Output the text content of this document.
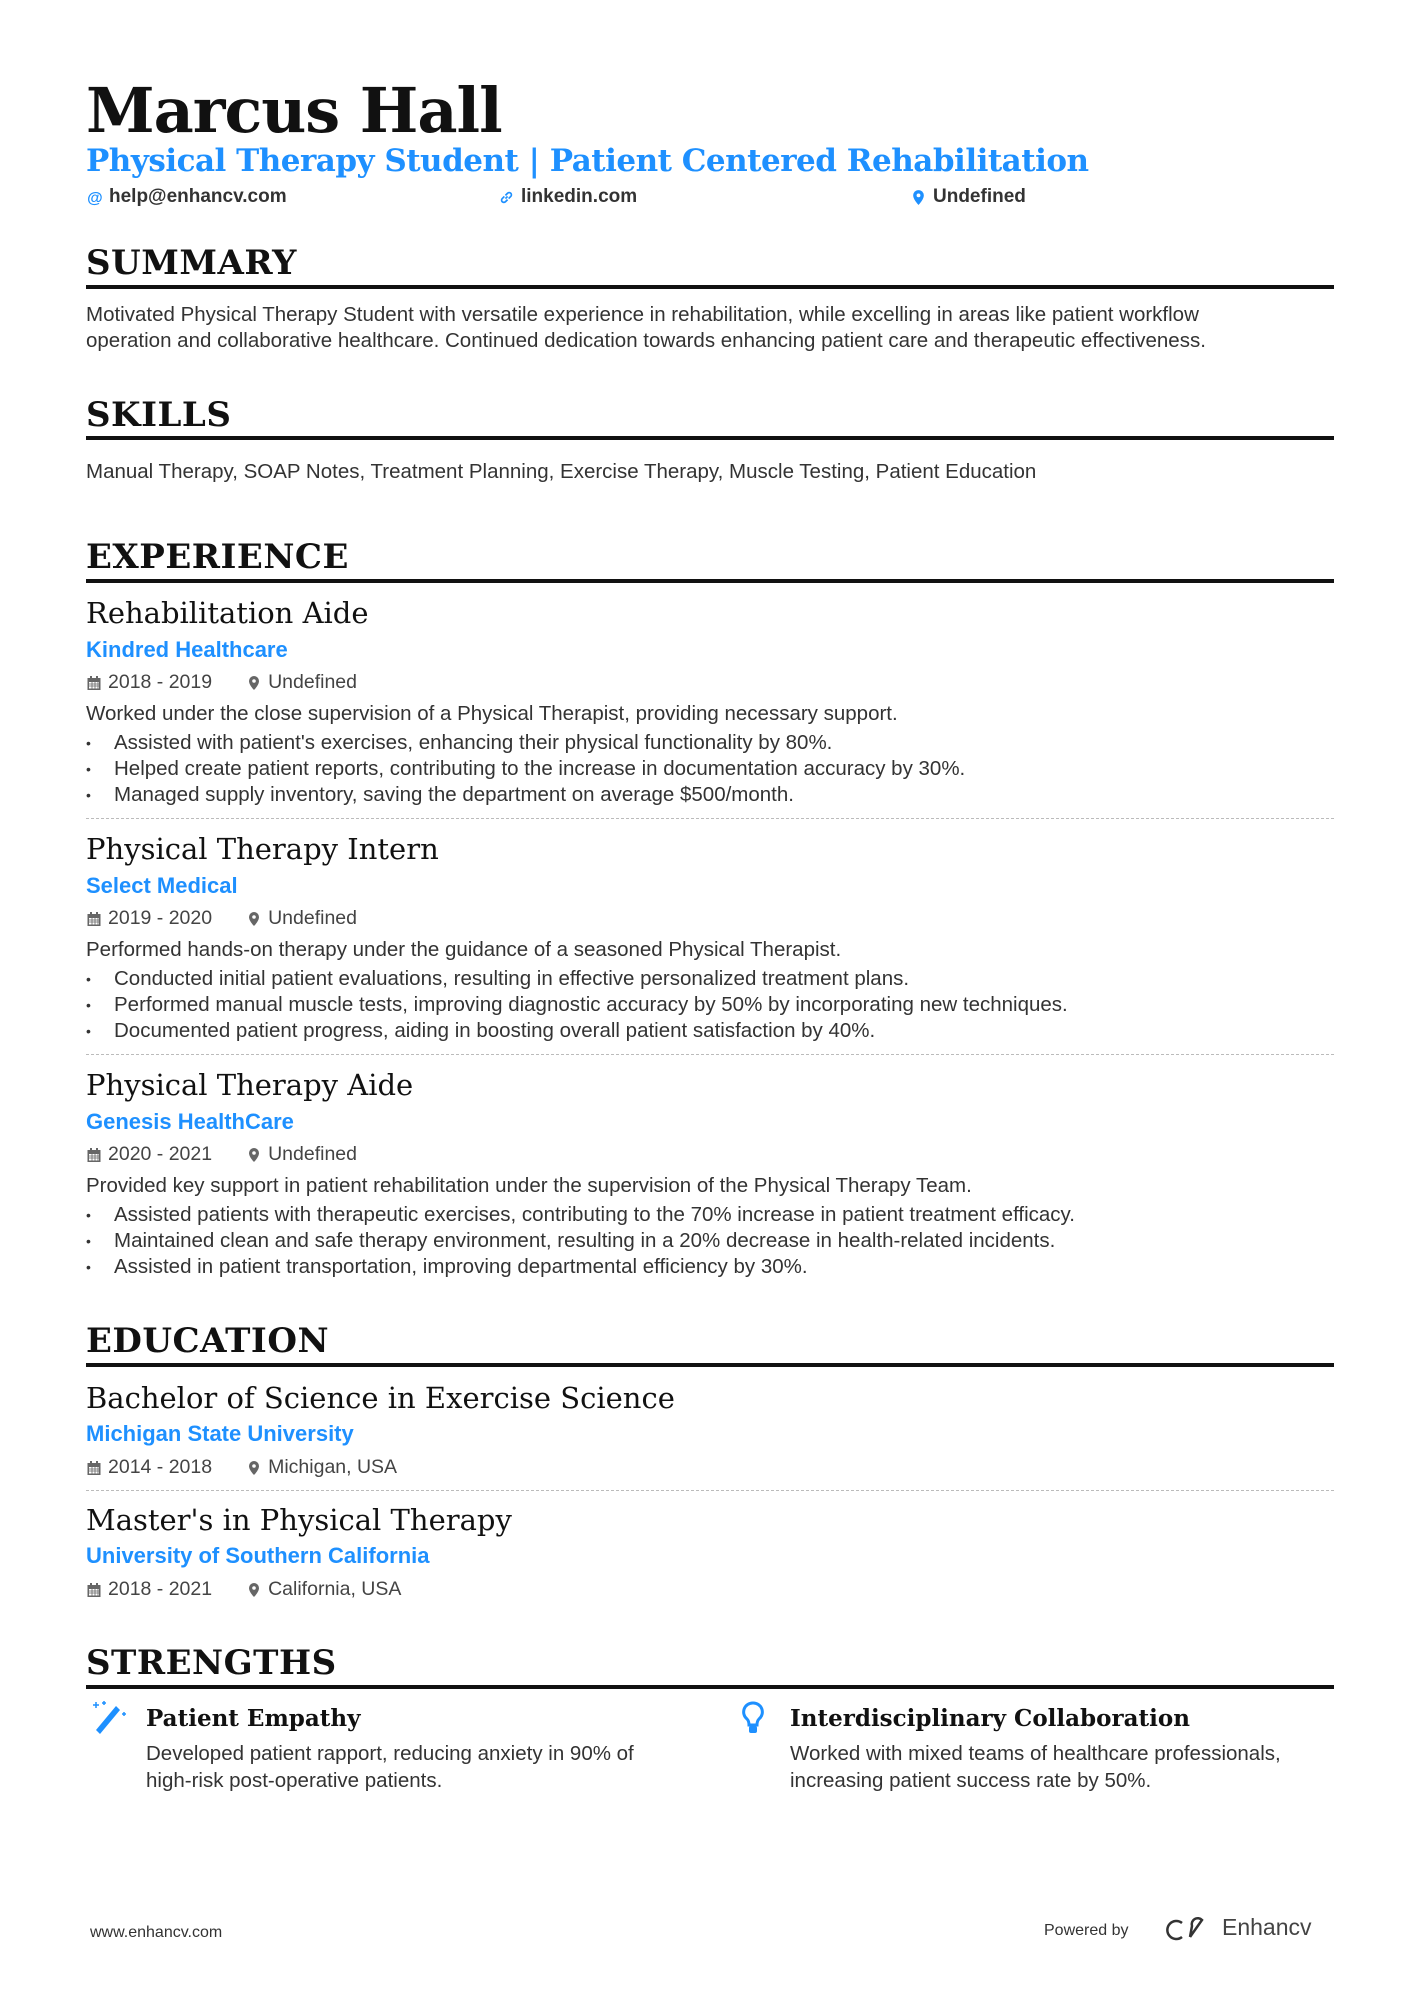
Marcus Hall
Physical Therapy Student | Patient Centered Rehabilitation
@ help@enhancv.com	linkedin.com	Undefined
SUMMARY
Motivated Physical Therapy Student with versatile experience in rehabilitation, while excelling in areas like patient workflow
operation and collaborative healthcare. Continued dedication towards enhancing patient care and therapeutic effectiveness.
SKILLS
Manual Therapy, SOAP Notes, Treatment Planning, Exercise Therapy, Muscle Testing, Patient Education
EXPERIENCE
Rehabilitation Aide
Kindred Healthcare
2018 - 2019	Undefined
Worked under the close supervision of a Physical Therapist, providing necessary support.
• Assisted with patient's exercises, enhancing their physical functionality by 80%.
• Helped create patient reports, contributing to the increase in documentation accuracy by 30%.
• Managed supply inventory, saving the department on average $500/month.
Physical Therapy Intern
Select Medical
2019 - 2020	Undefined
Performed hands-on therapy under the guidance of a seasoned Physical Therapist.
• Conducted initial patient evaluations, resulting in effective personalized treatment plans.
• Performed manual muscle tests, improving diagnostic accuracy by 50% by incorporating new techniques.
• Documented patient progress, aiding in boosting overall patient satisfaction by 40%.
Physical Therapy Aide
Genesis HealthCare
2020 - 2021	Undefined
Provided key support in patient rehabilitation under the supervision of the Physical Therapy Team.
• Assisted patients with therapeutic exercises, contributing to the 70% increase in patient treatment efficacy.
• Maintained clean and safe therapy environment, resulting in a 20% decrease in health-related incidents.
• Assisted in patient transportation, improving departmental efficiency by 30%.
EDUCATION
Bachelor of Science in Exercise Science
Michigan State University
2014 - 2018	Michigan, USA
Master's in Physical Therapy
University of Southern California
2018 - 2021	California, USA
STRENGTHS
Patient Empathy
Developed patient rapport, reducing anxiety in 90% of
high-risk post-operative patients.
Interdisciplinary Collaboration
Worked with mixed teams of healthcare professionals,
increasing patient success rate by 50%.
www.enhancv.com	Powered by	Enhancv
